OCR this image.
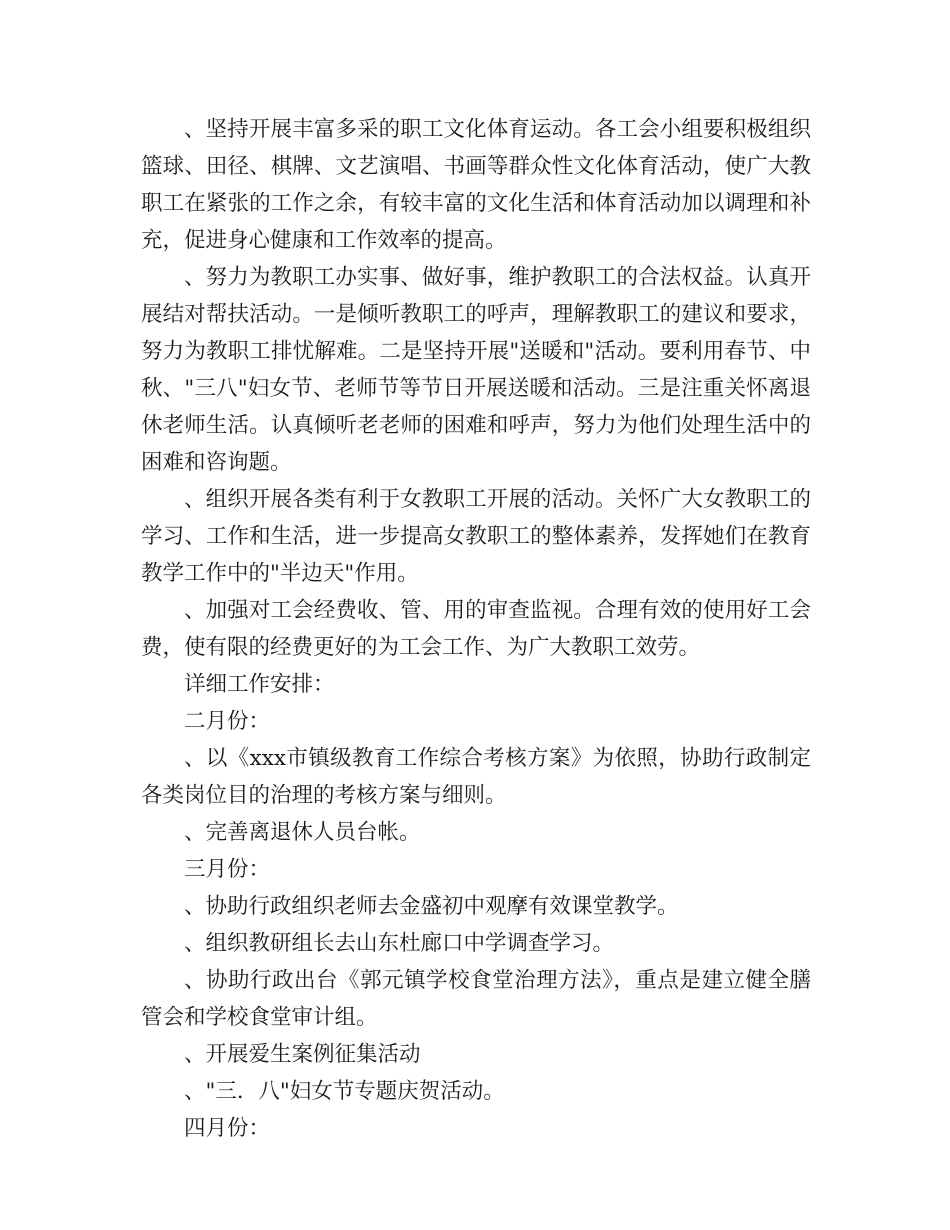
、坚持开展丰富多采的职工文化体育运动。各工会小组要积极组织篮球、田径、棋牌、文艺演唱、书画等群众性文化体育活动，使广大教职工在紧张的工作之余，有较丰富的文化生活和体育活动加以调理和补充，促进身心健康和工作效率的提高。

、努力为教职工办实事、做好事，维护教职工的合法权益。认真开展结对帮扶活动。一是倾听教职工的呼声，理解教职工的建议和要求，努力为教职工排忧解难。二是坚持开展"送暖和"活动。要利用春节、中秋、"三八"妇女节、老师节等节日开展送暖和活动。三是注重关怀离退休老师生活。认真倾听老老师的困难和呼声，努力为他们处理生活中的困难和咨询题。

、组织开展各类有利于女教职工开展的活动。关怀广大女教职工的学习、工作和生活，进一步提高女教职工的整体素养，发挥她们在教育教学工作中的"半边天"作用。

、加强对工会经费收、管、用的审查监视。合理有效的使用好工会费，使有限的经费更好的为工会工作、为广大教职工效劳。

详细工作安排：

二月份：

、以《xxx市镇级教育工作综合考核方案》为依照，协助行政制定各类岗位目的治理的考核方案与细则。

、完善离退休人员台帐。

三月份：

、协助行政组织老师去金盛初中观摩有效课堂教学。

、组织教研组长去山东杜廊口中学调查学习。

、协助行政出台《郭元镇学校食堂治理方法》，重点是建立健全膳管会和学校食堂审计组。

、开展爱生案例征集活动

、"三．八"妇女节专题庆贺活动。

四月份：
